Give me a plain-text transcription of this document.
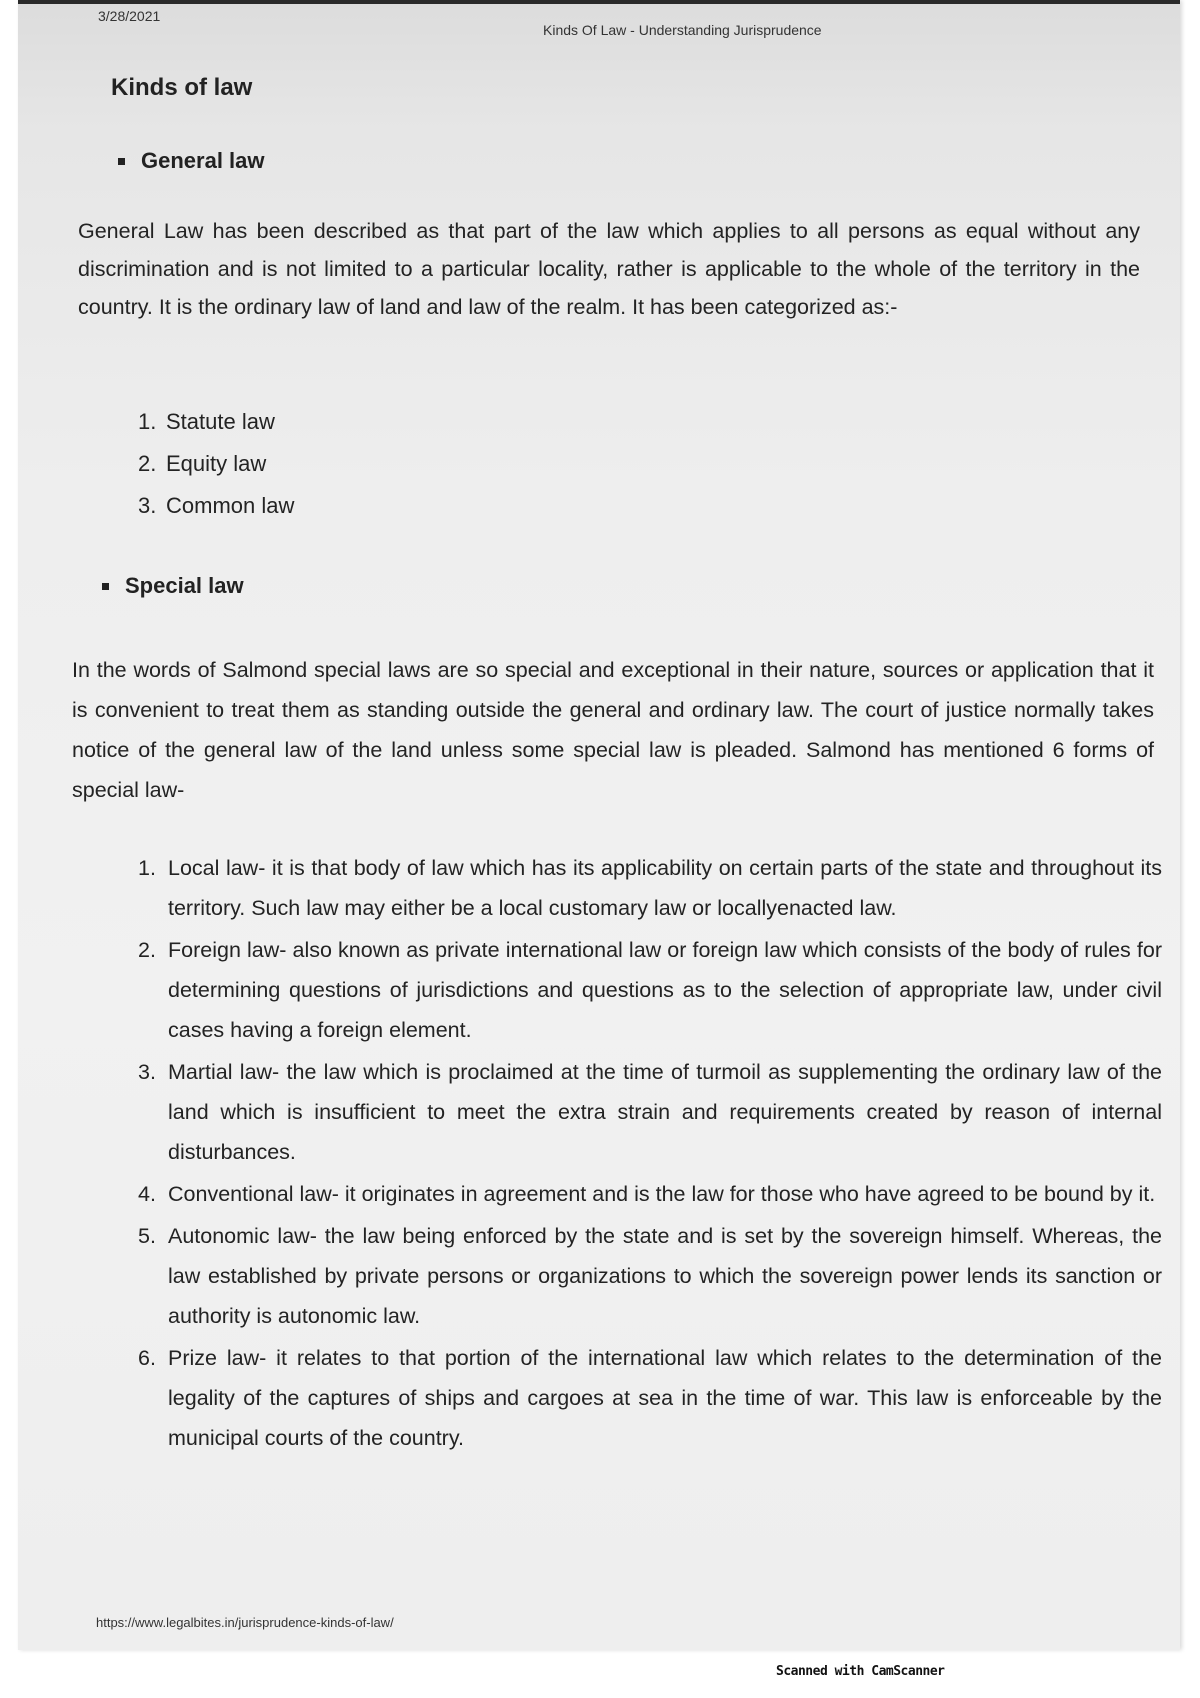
3/28/2021
Kinds Of Law - Understanding Jurisprudence
Kinds of law
General law

General Law has been described as that part of the law which applies to all persons as equal without any discrimination and is not limited to a particular locality, rather is applicable to the whole of the territory in the country. It is the ordinary law of land and law of the realm. It has been categorized as:-

1. Statute law
2. Equity law
3. Common law
Special law

In the words of Salmond special laws are so special and exceptional in their nature, sources or application that it is convenient to treat them as standing outside the general and ordinary law. The court of justice normally takes notice of the general law of the land unless some special law is pleaded. Salmond has mentioned 6 forms of special law-

1. Local law- it is that body of law which has its applicability on certain parts of the state and throughout its territory. Such law may either be a local customary law or locallyenacted law.
2. Foreign law- also known as private international law or foreign law which consists of the body of rules for determining questions of jurisdictions and questions as to the selection of appropriate law, under civil cases having a foreign element.
3. Martial law- the law which is proclaimed at the time of turmoil as supplementing the ordinary law of the land which is insufficient to meet the extra strain and requirements created by reason of internal disturbances.
4. Conventional law- it originates in agreement and is the law for those who have agreed to be bound by it.
5. Autonomic law- the law being enforced by the state and is set by the sovereign himself. Whereas, the law established by private persons or organizations to which the sovereign power lends its sanction or authority is autonomic law.
6. Prize law- it relates to that portion of the international law which relates to the determination of the legality of the captures of ships and cargoes at sea in the time of war. This law is enforceable by the municipal courts of the country.
https://www.legalbites.in/jurisprudence-kinds-of-law/
Scanned with CamScanner
